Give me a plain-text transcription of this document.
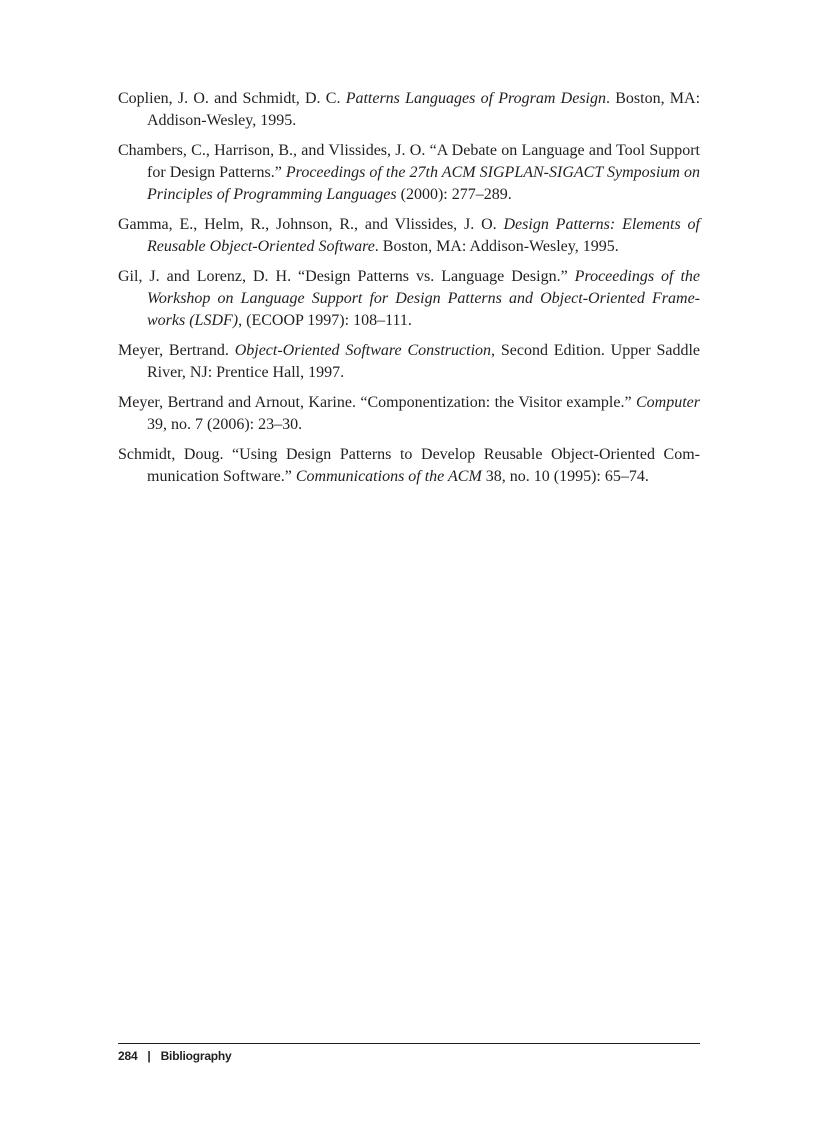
Coplien, J. O. and Schmidt, D. C. Patterns Languages of Program Design. Boston, MA: Addison-Wesley, 1995.
Chambers, C., Harrison, B., and Vlissides, J. O. “A Debate on Language and Tool Support for Design Patterns.” Proceedings of the 27th ACM SIGPLAN-SIGACT Symposium on Principles of Programming Languages (2000): 277–289.
Gamma, E., Helm, R., Johnson, R., and Vlissides, J. O. Design Patterns: Elements of Reusable Object-Oriented Software. Boston, MA: Addison-Wesley, 1995.
Gil, J. and Lorenz, D. H. “Design Patterns vs. Language Design.” Proceedings of the Workshop on Language Support for Design Patterns and Object-Oriented Frameworks (LSDF), (ECOOP 1997): 108–111.
Meyer, Bertrand. Object-Oriented Software Construction, Second Edition. Upper Saddle River, NJ: Prentice Hall, 1997.
Meyer, Bertrand and Arnout, Karine. “Componentization: the Visitor example.” Computer 39, no. 7 (2006): 23–30.
Schmidt, Doug. “Using Design Patterns to Develop Reusable Object-Oriented Communication Software.” Communications of the ACM 38, no. 10 (1995): 65–74.
284 | Bibliography
